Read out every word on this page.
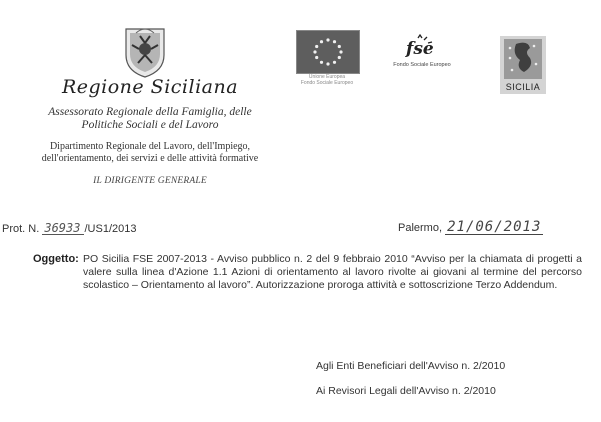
Regione Siciliana
Assessorato Regionale della Famiglia, delle
Politiche Sociali e del Lavoro
Dipartimento Regionale del Lavoro, dell'Impiego,
dell'orientamento, dei servizi e delle attività formative
IL DIRIGENTE GENERALE
Unione Europea
Fondo Sociale Europeo
fse
Fondo Sociale Europeo
SICILIA
Prot. N. 36933 /US1/2013	Palermo, 21/06/2013
Oggetto: PO Sicilia FSE 2007-2013 - Avviso pubblico n. 2 del 9 febbraio 2010 “Avviso per la chiamata di progetti a valere sulla linea d'Azione 1.1 Azioni di orientamento al lavoro rivolte ai giovani al termine del percorso scolastico – Orientamento al lavoro”. Autorizzazione proroga attività e sottoscrizione Terzo Addendum.
Agli Enti Beneficiari dell'Avviso n. 2/2010
Ai Revisori Legali dell'Avviso n. 2/2010
